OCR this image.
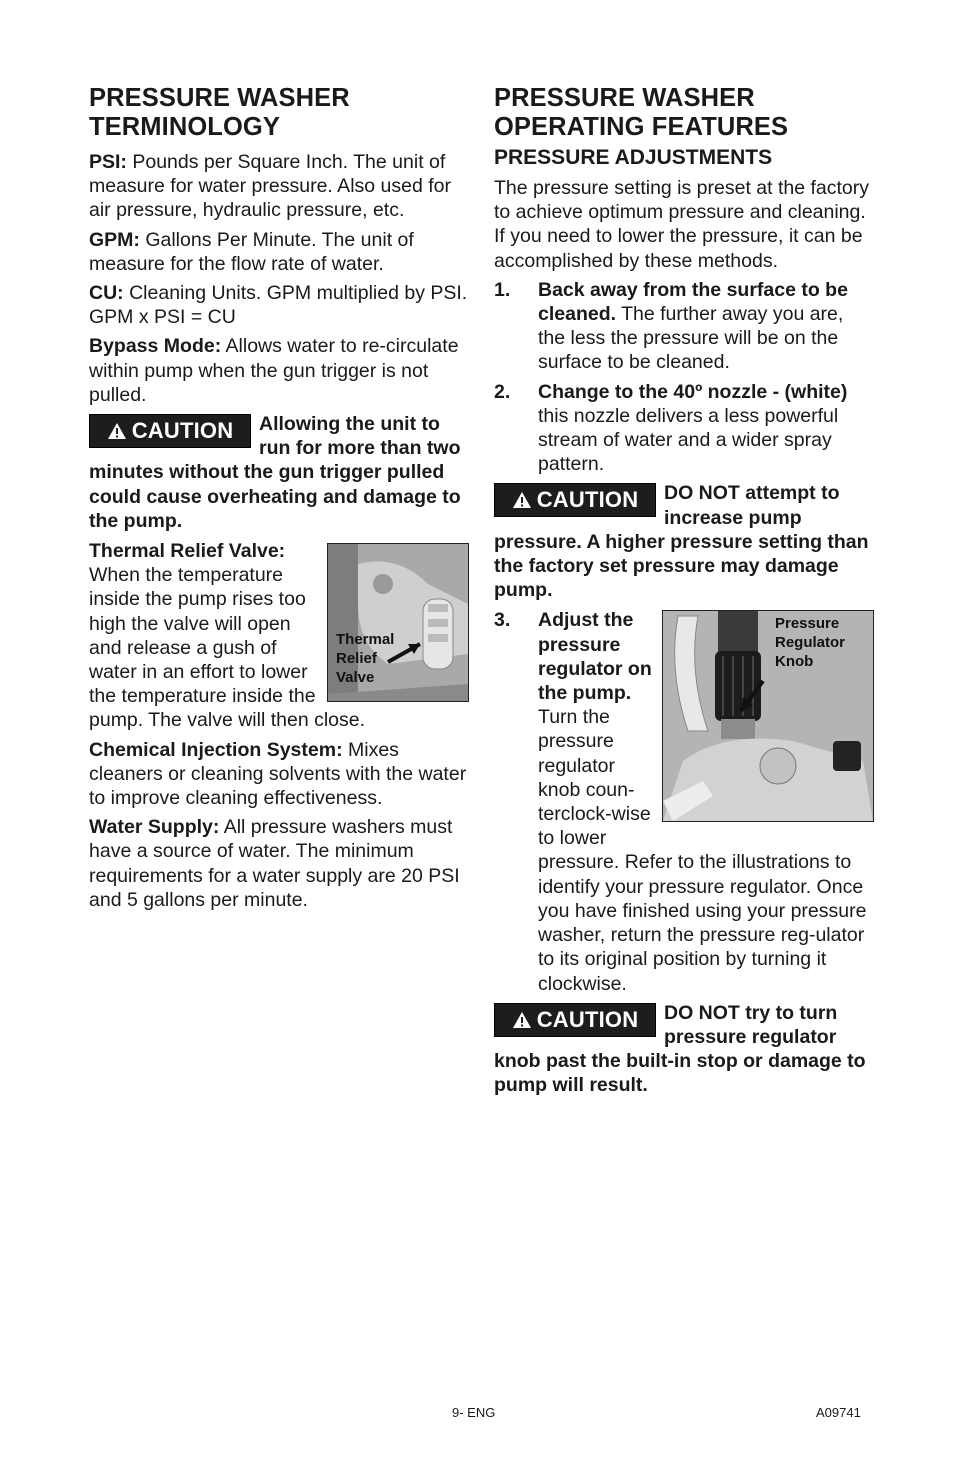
PRESSURE WASHER TERMINOLOGY

PSI: Pounds per Square Inch. The unit of measure for water pressure. Also used for air pressure, hydraulic pressure, etc.

GPM: Gallons Per Minute. The unit of measure for the flow rate of water.

CU: Cleaning Units. GPM multiplied by PSI. GPM x PSI = CU

Bypass Mode: Allows water to re-circulate within pump when the gun trigger is not pulled.

CAUTION	Allowing the unit to run for more than two minutes without the gun trigger pulled could cause overheating and damage to the pump.

Thermal
Relief
Valve

Thermal Relief Valve: When the temperature inside the pump rises too high the valve will open and release a gush of water in an effort to lower the temperature inside the pump. The valve will then close.

Chemical Injection System: Mixes cleaners or cleaning solvents with the water to improve cleaning effectiveness.

Water Supply: All pressure washers must have a source of water. The minimum requirements for a water supply are 20 PSI and 5 gallons per minute.

PRESSURE WASHER OPERATING FEATURES
PRESSURE ADJUSTMENTS

The pressure setting is preset at the factory to achieve optimum pressure and cleaning. If you need to lower the pressure, it can be accomplished by these methods.

1. Back away from the surface to be cleaned. The further away you are, the less the pressure will be on the surface to be cleaned.

2. Change to the 40º nozzle - (white) this nozzle delivers a less powerful stream of water and a wider spray pattern.

CAUTION	DO NOT attempt to increase pump pressure. A higher pressure setting than the factory set pressure may damage pump.

3.	Pressure
Regulator
Knob

Adjust the pressure regulator on the pump. Turn the pressure regulator knob coun-terclock-wise to lower pressure. Refer to the illustrations to identify your pressure regulator. Once you have finished using your pressure washer, return the pressure reg-ulator to its original position by turning it clockwise.

CAUTION	DO NOT try to turn pressure regulator knob past the built-in stop or damage to pump will result.

9- ENG	A09741
